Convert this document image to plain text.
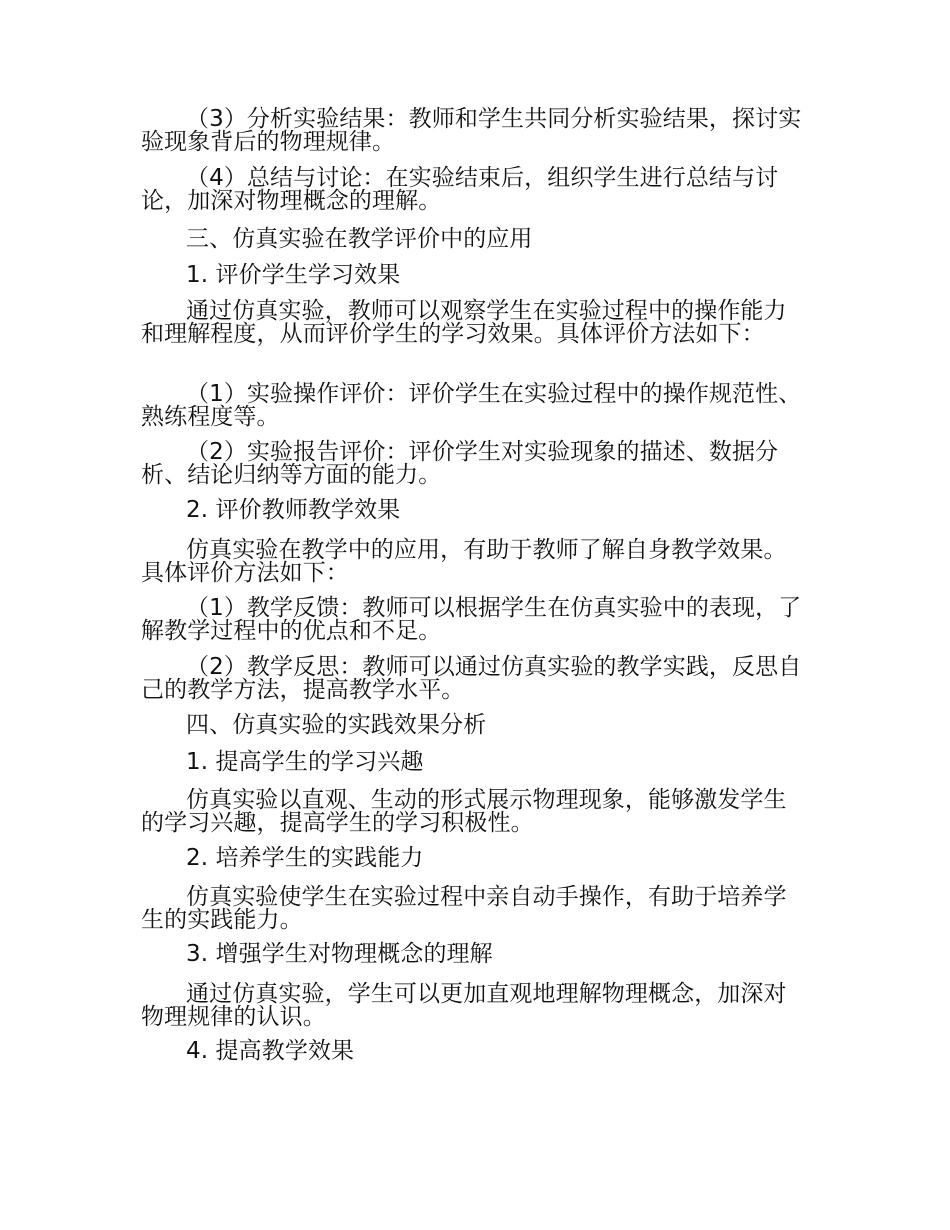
（3）分析实验结果：教师和学生共同分析实验结果，探讨实验现象背后的物理规律。
（4）总结与讨论：在实验结束后，组织学生进行总结与讨论，加深对物理概念的理解。
三、仿真实验在教学评价中的应用
1. 评价学生学习效果
通过仿真实验，教师可以观察学生在实验过程中的操作能力和理解程度，从而评价学生的学习效果。具体评价方法如下：
（1）实验操作评价：评价学生在实验过程中的操作规范性、熟练程度等。
（2）实验报告评价：评价学生对实验现象的描述、数据分析、结论归纳等方面的能力。
2. 评价教师教学效果
仿真实验在教学中的应用，有助于教师了解自身教学效果。具体评价方法如下：
（1）教学反馈：教师可以根据学生在仿真实验中的表现，了解教学过程中的优点和不足。
（2）教学反思：教师可以通过仿真实验的教学实践，反思自己的教学方法，提高教学水平。
四、仿真实验的实践效果分析
1. 提高学生的学习兴趣
仿真实验以直观、生动的形式展示物理现象，能够激发学生的学习兴趣，提高学生的学习积极性。
2. 培养学生的实践能力
仿真实验使学生在实验过程中亲自动手操作，有助于培养学生的实践能力。
3. 增强学生对物理概念的理解
通过仿真实验，学生可以更加直观地理解物理概念，加深对物理规律的认识。
4. 提高教学效果
